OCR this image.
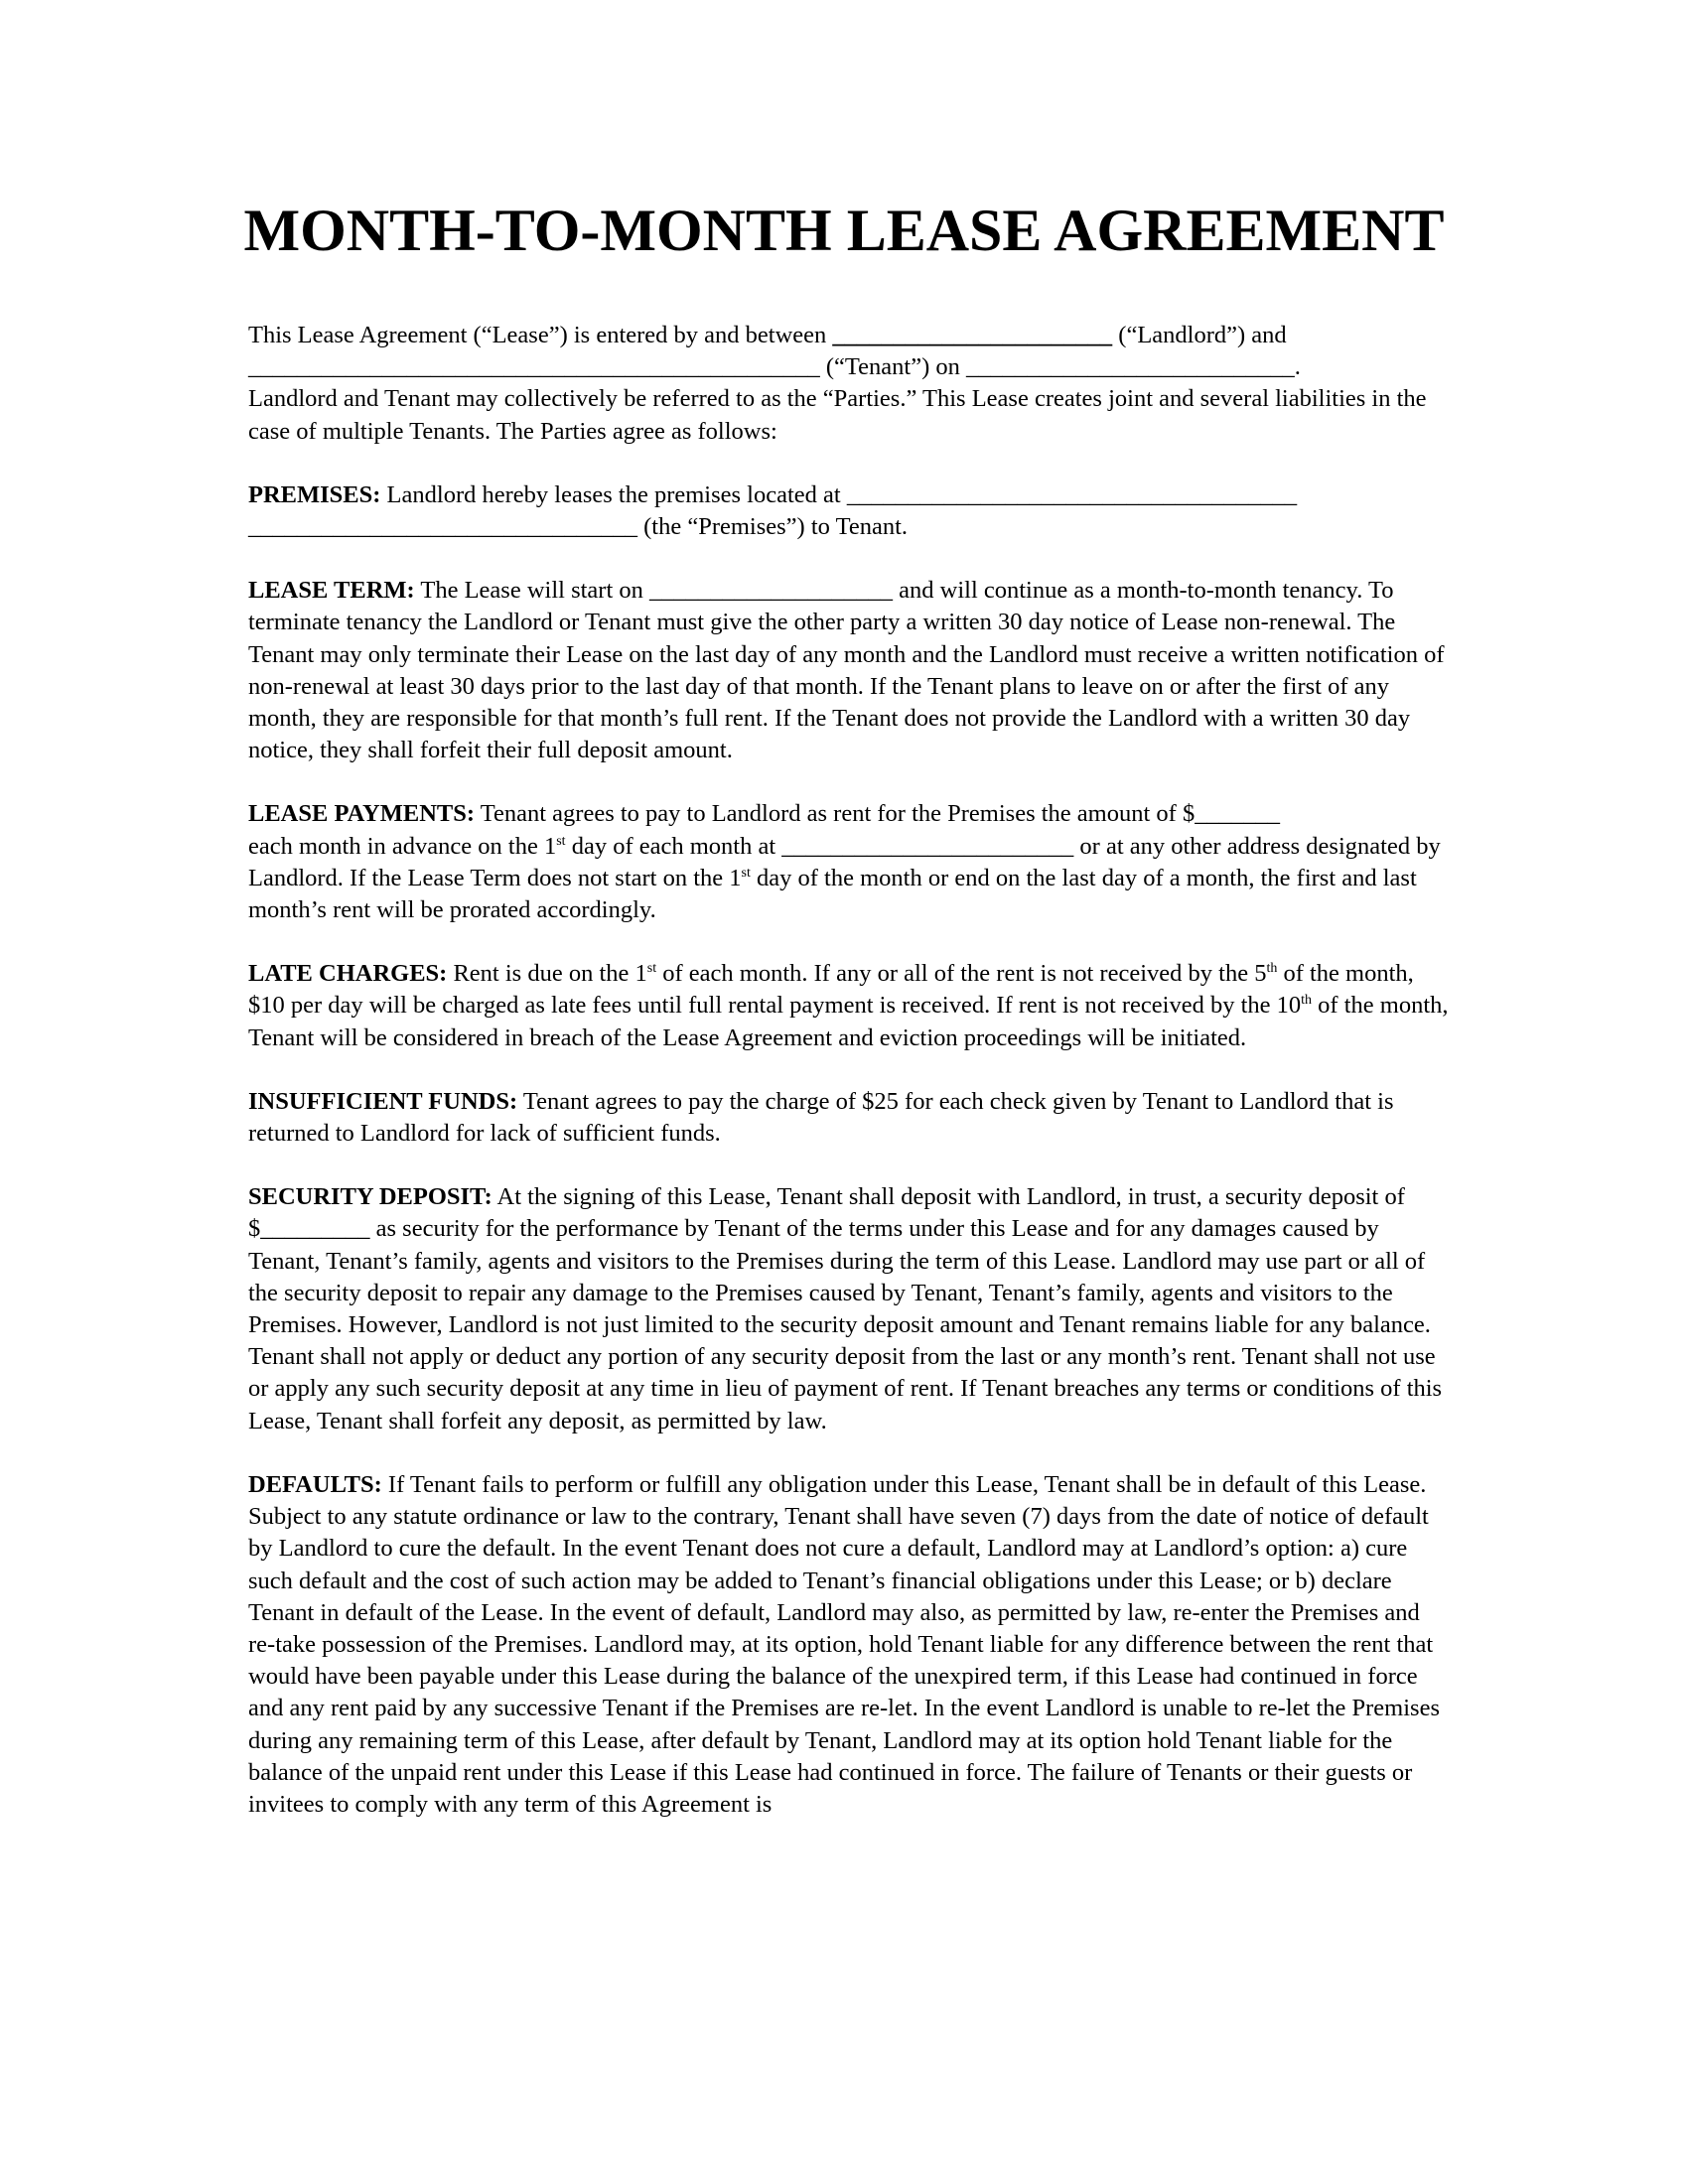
MONTH-TO-MONTH LEASE AGREEMENT

This Lease Agreement (“Lease”) is entered by and between _______________________ (“Landlord”) and
_______________________________________________ (“Tenant”) on ___________________________.
Landlord and Tenant may collectively be referred to as the “Parties.” This Lease creates joint and several liabilities in the case of multiple Tenants. The Parties agree as follows:

PREMISES: Landlord hereby leases the premises located at _____________________________________
________________________________ (the “Premises”) to Tenant.

LEASE TERM: The Lease will start on ____________________ and will continue as a month-to-month tenancy. To terminate tenancy the Landlord or Tenant must give the other party a written 30 day notice of Lease non-renewal. The Tenant may only terminate their Lease on the last day of any month and the Landlord must receive a written notification of non-renewal at least 30 days prior to the last day of that month. If the Tenant plans to leave on or after the first of any month, they are responsible for that month’s full rent. If the Tenant does not provide the Landlord with a written 30 day notice, they shall forfeit their full deposit amount.

LEASE PAYMENTS: Tenant agrees to pay to Landlord as rent for the Premises the amount of $_______
each month in advance on the 1st day of each month at ________________________ or at any other address designated by Landlord. If the Lease Term does not start on the 1st day of the month or end on the last day of a month, the first and last month’s rent will be prorated accordingly.

LATE CHARGES: Rent is due on the 1st of each month. If any or all of the rent is not received by the 5th of the month, $10 per day will be charged as late fees until full rental payment is received. If rent is not received by the 10th of the month, Tenant will be considered in breach of the Lease Agreement and eviction proceedings will be initiated.

INSUFFICIENT FUNDS: Tenant agrees to pay the charge of $25 for each check given by Tenant to Landlord that is returned to Landlord for lack of sufficient funds.

SECURITY DEPOSIT: At the signing of this Lease, Tenant shall deposit with Landlord, in trust, a security deposit of $_________ as security for the performance by Tenant of the terms under this Lease and for any damages caused by Tenant, Tenant’s family, agents and visitors to the Premises during the term of this Lease. Landlord may use part or all of the security deposit to repair any damage to the Premises caused by Tenant, Tenant’s family, agents and visitors to the Premises. However, Landlord is not just limited to the security deposit amount and Tenant remains liable for any balance. Tenant shall not apply or deduct any portion of any security deposit from the last or any month’s rent. Tenant shall not use or apply any such security deposit at any time in lieu of payment of rent. If Tenant breaches any terms or conditions of this Lease, Tenant shall forfeit any deposit, as permitted by law.

DEFAULTS: If Tenant fails to perform or fulfill any obligation under this Lease, Tenant shall be in default of this Lease. Subject to any statute ordinance or law to the contrary, Tenant shall have seven (7) days from the date of notice of default by Landlord to cure the default. In the event Tenant does not cure a default, Landlord may at Landlord’s option: a) cure such default and the cost of such action may be added to Tenant’s financial obligations under this Lease; or b) declare Tenant in default of the Lease. In the event of default, Landlord may also, as permitted by law, re-enter the Premises and re-take possession of the Premises. Landlord may, at its option, hold Tenant liable for any difference between the rent that would have been payable under this Lease during the balance of the unexpired term, if this Lease had continued in force and any rent paid by any successive Tenant if the Premises are re-let. In the event Landlord is unable to re-let the Premises during any remaining term of this Lease, after default by Tenant, Landlord may at its option hold Tenant liable for the balance of the unpaid rent under this Lease if this Lease had continued in force. The failure of Tenants or their guests or invitees to comply with any term of this Agreement is
